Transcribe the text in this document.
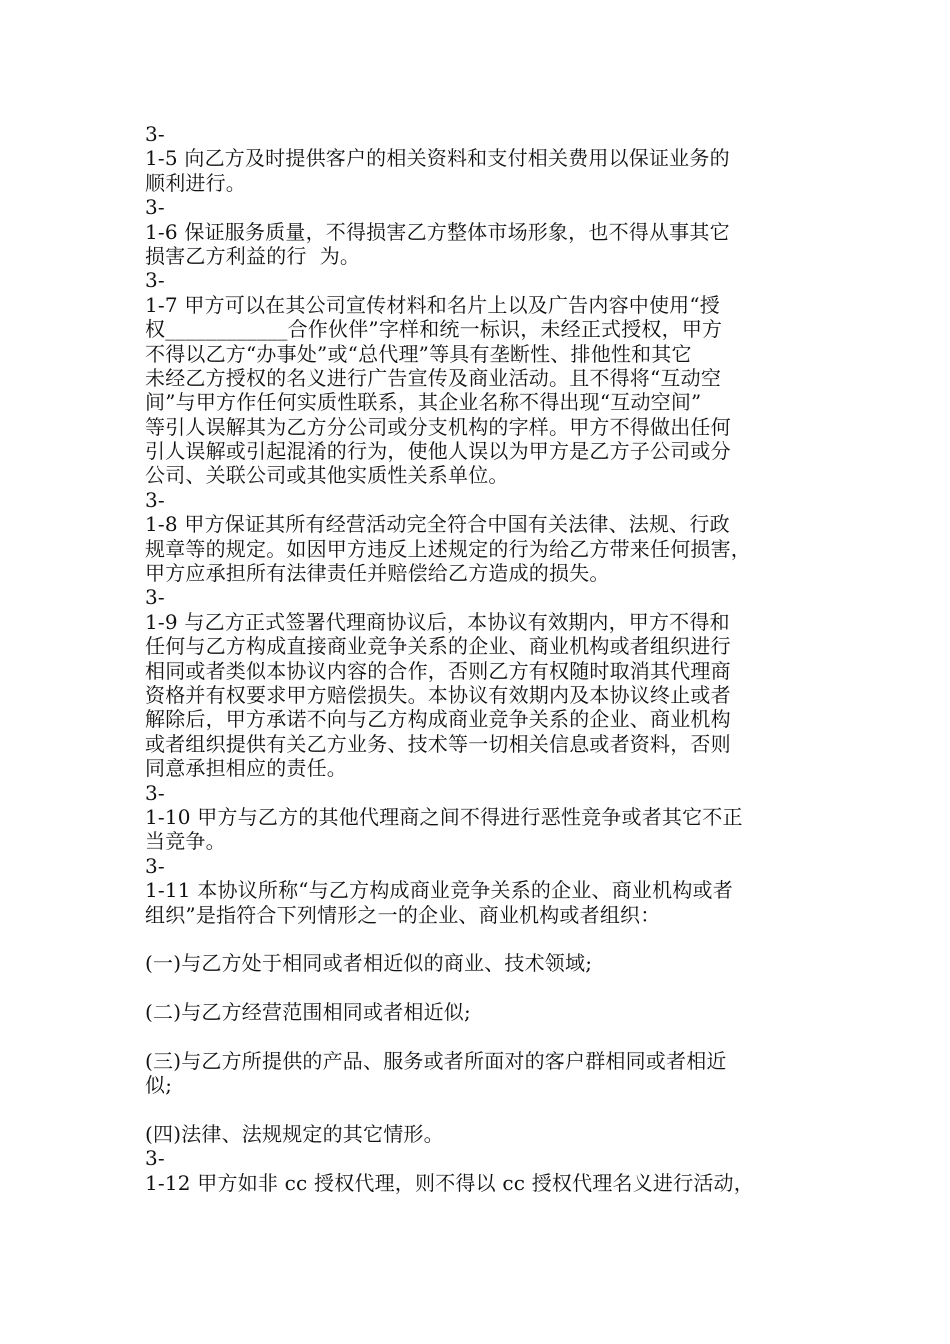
3-
1-5 向乙方及时提供客户的相关资料和支付相关费用以保证业务的
顺利进行。
3-
1-6 保证服务质量，不得损害乙方整体市场形象，也不得从事其它
损害乙方利益的行  为。
3-
1-7 甲方可以在其公司宣传材料和名片上以及广告内容中使用“授
权____________合作伙伴”字样和统一标识，未经正式授权，甲方
不得以乙方“办事处”或“总代理”等具有垄断性、排他性和其它
未经乙方授权的名义进行广告宣传及商业活动。且不得将“互动空
间”与甲方作任何实质性联系，其企业名称不得出现“互动空间”
等引人误解其为乙方分公司或分支机构的字样。甲方不得做出任何
引人误解或引起混淆的行为，使他人误以为甲方是乙方子公司或分
公司、关联公司或其他实质性关系单位。
3-
1-8 甲方保证其所有经营活动完全符合中国有关法律、法规、行政
规章等的规定。如因甲方违反上述规定的行为给乙方带来任何损害，
甲方应承担所有法律责任并赔偿给乙方造成的损失。
3-
1-9 与乙方正式签署代理商协议后，本协议有效期内，甲方不得和
任何与乙方构成直接商业竞争关系的企业、商业机构或者组织进行
相同或者类似本协议内容的合作，否则乙方有权随时取消其代理商
资格并有权要求甲方赔偿损失。本协议有效期内及本协议终止或者
解除后，甲方承诺不向与乙方构成商业竞争关系的企业、商业机构
或者组织提供有关乙方业务、技术等一切相关信息或者资料，否则
同意承担相应的责任。
3-
1-10 甲方与乙方的其他代理商之间不得进行恶性竞争或者其它不正
当竞争。
3-
1-11 本协议所称“与乙方构成商业竞争关系的企业、商业机构或者
组织”是指符合下列情形之一的企业、商业机构或者组织：
(一)与乙方处于相同或者相近似的商业、技术领域;
(二)与乙方经营范围相同或者相近似;
(三)与乙方所提供的产品、服务或者所面对的客户群相同或者相近
似;
(四)法律、法规规定的其它情形。
3-
1-12 甲方如非 cc 授权代理，则不得以 cc 授权代理名义进行活动，
